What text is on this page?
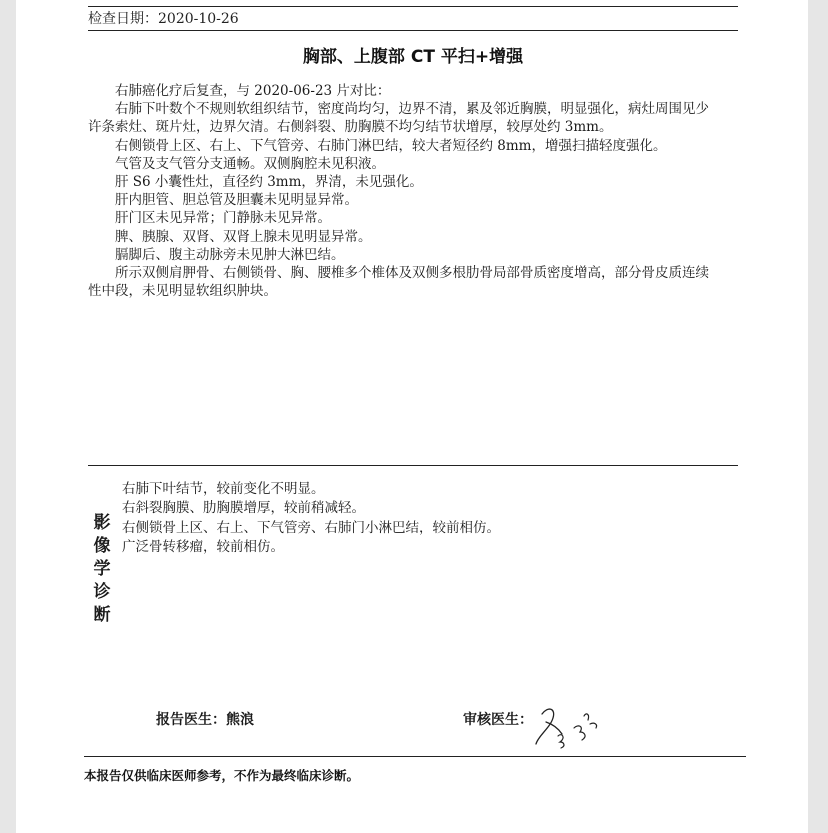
检查日期：2020-10-26
胸部、上腹部 CT 平扫+增强

右肺癌化疗后复查，与 2020-06-23 片对比：

右肺下叶数个不规则软组织结节，密度尚均匀，边界不清，累及邻近胸膜，明显强化，病灶周围见少许条索灶、斑片灶，边界欠清。右侧斜裂、肋胸膜不均匀结节状增厚，较厚处约 3mm。

右侧锁骨上区、右上、下气管旁、右肺门淋巴结，较大者短径约 8mm，增强扫描轻度强化。

气管及支气管分支通畅。双侧胸腔未见积液。

肝 S6 小囊性灶，直径约 3mm，界清，未见强化。

肝内胆管、胆总管及胆囊未见明显异常。

肝门区未见异常；门静脉未见异常。

脾、胰腺、双肾、双肾上腺未见明显异常。

膈脚后、腹主动脉旁未见肿大淋巴结。

所示双侧肩胛骨、右侧锁骨、胸、腰椎多个椎体及双侧多根肋骨局部骨质密度增高，部分骨皮质连续性中段，未见明显软组织肿块。

影
像
学
诊
断

右肺下叶结节，较前变化不明显。

右斜裂胸膜、肋胸膜增厚，较前稍减轻。

右侧锁骨上区、右上、下气管旁、右肺门小淋巴结，较前相仿。

广泛骨转移瘤，较前相仿。

报告医生：熊浪	审核医生：
本报告仅供临床医师参考，不作为最终临床诊断。
